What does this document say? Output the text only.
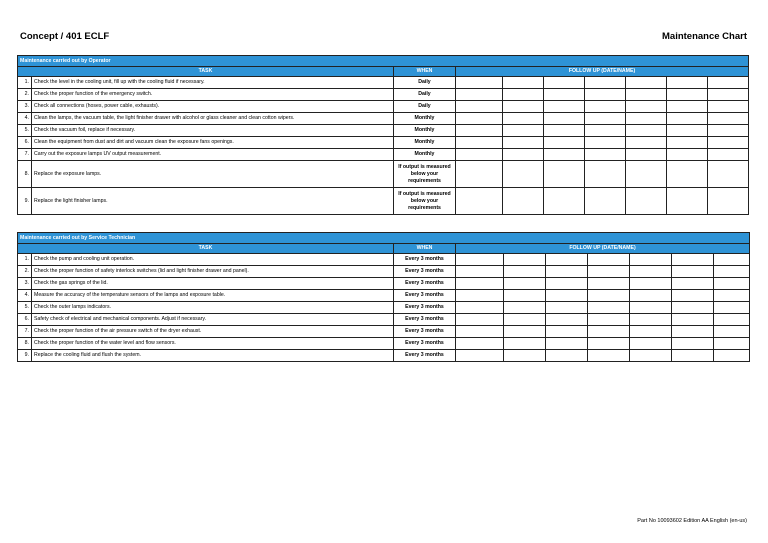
Concept / 401 ECLF	Maintenance Chart
Maintenance carried out by Operator									
TASK		WHEN	FOLLOW UP (DATE/NAME)						
1.	Check the level in the cooling unit, fill up with the cooling fluid if necessary.	Daily							
2.	Check the proper function of the emergency switch.	Daily							
3.	Check all connections (hoses, power cable, exhausts).	Daily							
4.	Clean the lamps, the vacuum table, the light finisher drawer with alcohol or glass cleaner and clean cotton wipers.	Monthly							
5.	Check the vacuum foil, replace if necessary.	Monthly							
6.	Clean the equipment from dust and dirt and vacuum clean the exposure fans openings.	Monthly							
7.	Carry out the exposure lamps UV output measurement.	Monthly							
8.	Replace the exposure lamps.	If output is measured below your requirements							
9.	Replace the light finisher lamps.	If output is measured below your requirements							
Maintenance carried out by Service Technician									
TASK		WHEN	FOLLOW UP (DATE/NAME)						
1.	Check the pump and cooling unit operation.	Every 3 months							
2.	Check the proper function of safety interlock switches (lid and light finisher drawer and panel).	Every 3 months							
3.	Check the gas springs of the lid.	Every 3 months							
4.	Measure the accuracy of the temperature sensors of the lamps and exposure table.	Every 3 months							
5.	Check the outer lamps indicators.	Every 3 months							
6.	Safety check of electrical and mechanical components. Adjust if necessary.	Every 3 months							
7.	Check the proper function of the air pressure switch of the dryer exhaust.	Every 3 months							
8.	Check the proper function of the water level and flow sensors.	Every 3 months							
9.	Replace the cooling fluid and flush the system.	Every 3 months							
Part No 10093602 Edition AA English (en-us)
